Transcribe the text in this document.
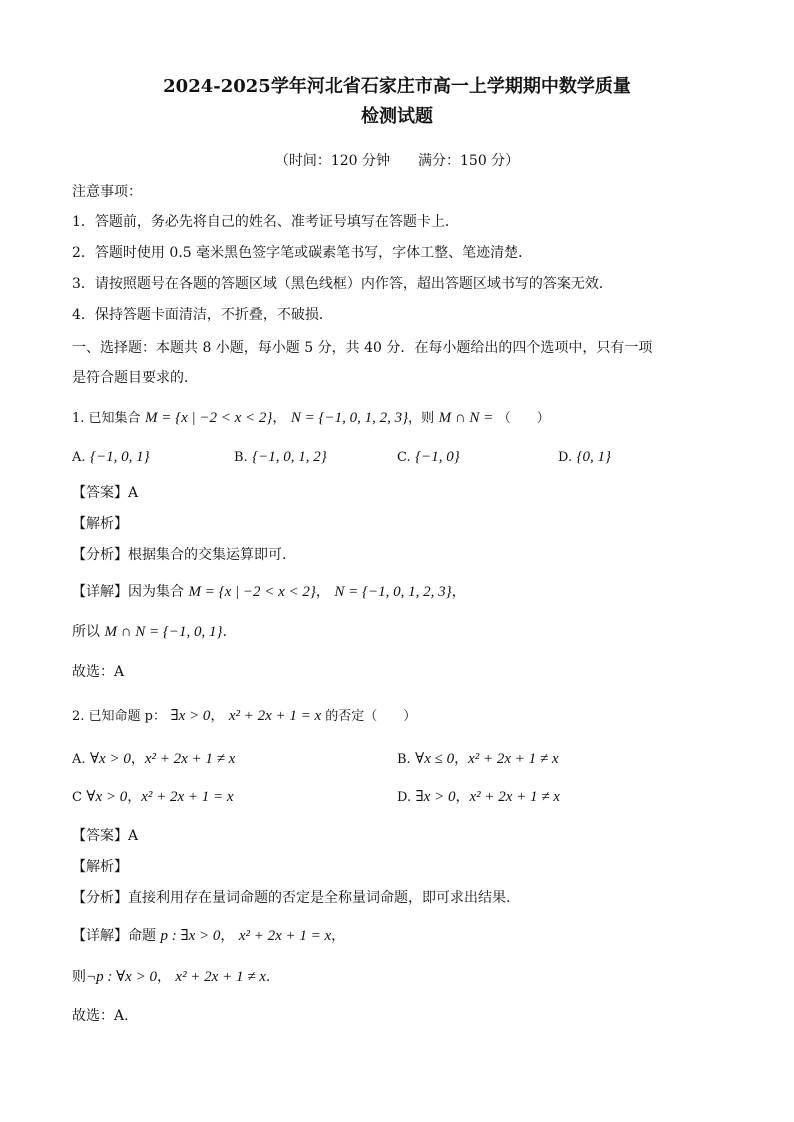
2024-2025学年河北省石家庄市高一上学期期中数学质量
检测试题
（时间：120 分钟　　满分：150 分）
注意事项：
1．答题前，务必先将自己的姓名、准考证号填写在答题卡上．
2．答题时使用 0.5 毫米黑色签字笔或碳素笔书写，字体工整、笔迹清楚．
3．请按照题号在各题的答题区域（黑色线框）内作答，超出答题区域书写的答案无效．
4．保持答题卡面清洁，不折叠，不破损．
一、选择题：本题共 8 小题，每小题 5 分，共 40 分．在每小题给出的四个选项中，只有一项
是符合题目要求的．
1. 已知集合 M = {x | −2 < x < 2}， N = {−1, 0, 1, 2, 3}，则 M ∩ N = （　　）
A. {−1, 0, 1}	B. {−1, 0, 1, 2}	C. {−1, 0}	D. {0, 1}
【答案】A
【解析】
【分析】根据集合的交集运算即可.
【详解】因为集合 M = {x | −2 < x < 2}， N = {−1, 0, 1, 2, 3}，
所以 M ∩ N = {−1, 0, 1}.
故选：A
2. 已知命题 p： ∃x > 0， x² + 2x + 1 = x 的否定（　　）
A. ∀x > 0，x² + 2x + 1 ≠ x	B. ∀x ≤ 0，x² + 2x + 1 ≠ x
C ∀x > 0，x² + 2x + 1 = x	D. ∃x > 0，x² + 2x + 1 ≠ x
【答案】A
【解析】
【分析】直接利用存在量词命题的否定是全称量词命题，即可求出结果.
【详解】命题 p : ∃x > 0， x² + 2x + 1 = x，
则¬p : ∀x > 0， x² + 2x + 1 ≠ x.
故选：A.
